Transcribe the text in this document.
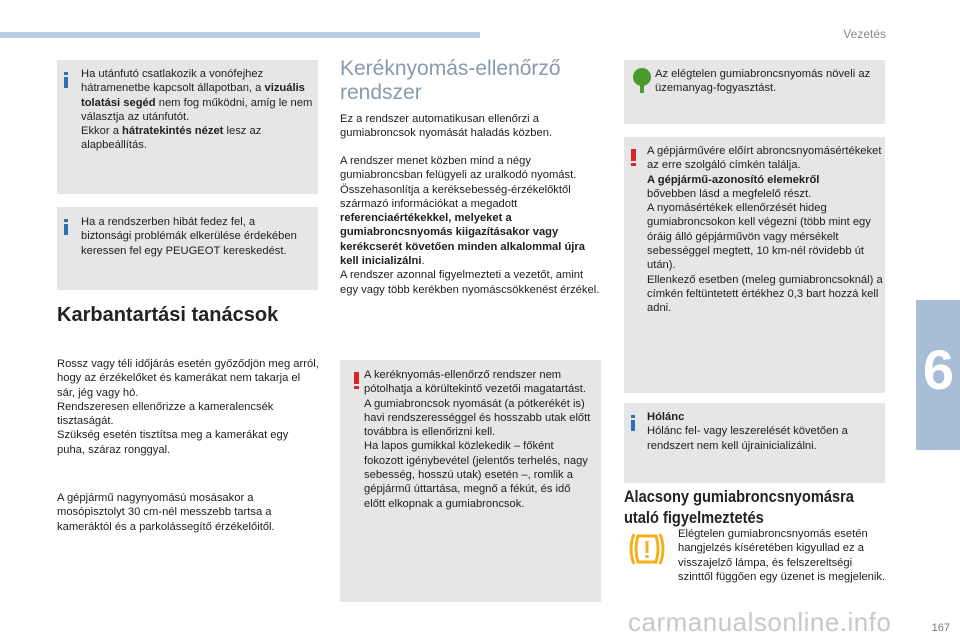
Vezetés
6
Ha utánfutó csatlakozik a vonófejhez hátramenetbe kapcsolt állapotban, a vizuális tolatási segéd nem fog működni, amíg le nem választja az utánfutót.
Ekkor a hátratekintés nézet lesz az alapbeállítás.
Ha a rendszerben hibát fedez fel, a biztonsági problémák elkerülése érdekében keressen fel egy PEUGEOT kereskedést.
Karbantartási tanácsok
Rossz vagy téli időjárás esetén győződjön meg arról, hogy az érzékelőket és kamerákat nem takarja el sár, jég vagy hó.
Rendszeresen ellenőrizze a kameralencsék tisztaságát.
Szükség esetén tisztítsa meg a kamerákat egy puha, száraz ronggyal.
A gépjármű nagynyomású mosásakor a mosópisztolyt 30 cm-nél messzebb tartsa a kameráktól és a parkolássegítő érzékelőitől.
Keréknyomás-ellenőrző
rendszer
Ez a rendszer automatikusan ellenőrzi a gumiabroncsok nyomását haladás közben.
A rendszer menet közben mind a négy gumiabroncsban felügyeli az uralkodó nyomást.
Összehasonlítja a keréksebesség-érzékelőktől származó információkat a megadott referenciaértékekkel, melyeket a gumiabroncsnyomás kiigazításakor vagy kerékcserét követően minden alkalommal újra kell inicializálni.
A rendszer azonnal figyelmezteti a vezetőt, amint egy vagy több kerékben nyomáscsökkenést érzékel.
A keréknyomás-ellenőrző rendszer nem pótolhatja a körültekintő vezetői magatartást.
A gumiabroncsok nyomását (a pótkerékét is) havi rendszerességgel és hosszabb utak előtt továbbra is ellenőrizni kell.
Ha lapos gumikkal közlekedik – főként fokozott igénybevétel (jelentős terhelés, nagy sebesség, hosszú utak) esetén –, romlik a gépjármű úttartása, megnő a fékút, és idő előtt elkopnak a gumiabroncsok.
Az elégtelen gumiabroncsnyomás növeli az üzemanyag-fogyasztást.
A gépjárművére előírt abroncsnyomásértékeket az erre szolgáló címkén találja.
A gépjármű-azonosító elemekről
bővebben lásd a megfelelő részt.
A nyomásértékek ellenőrzését hideg gumiabroncsokon kell végezni (több mint egy óráig álló gépjárművön vagy mérsékelt sebességgel megtett, 10 km-nél rövidebb út után).
Ellenkező esetben (meleg gumiabroncsoknál) a címkén feltüntetett értékhez 0,3 bart hozzá kell adni.
Hólánc
Hólánc fel- vagy leszerelését követően a rendszert nem kell újrainicializálni.
Alacsony gumiabroncsnyomásra
utaló figyelmeztetés
Elégtelen gumiabroncsnyomás esetén hangjelzés kíséretében kigyullad ez a visszajelző lámpa, és felszereltségi szinttől függően egy üzenet is megjelenik.
167
carmanualsonline.info
